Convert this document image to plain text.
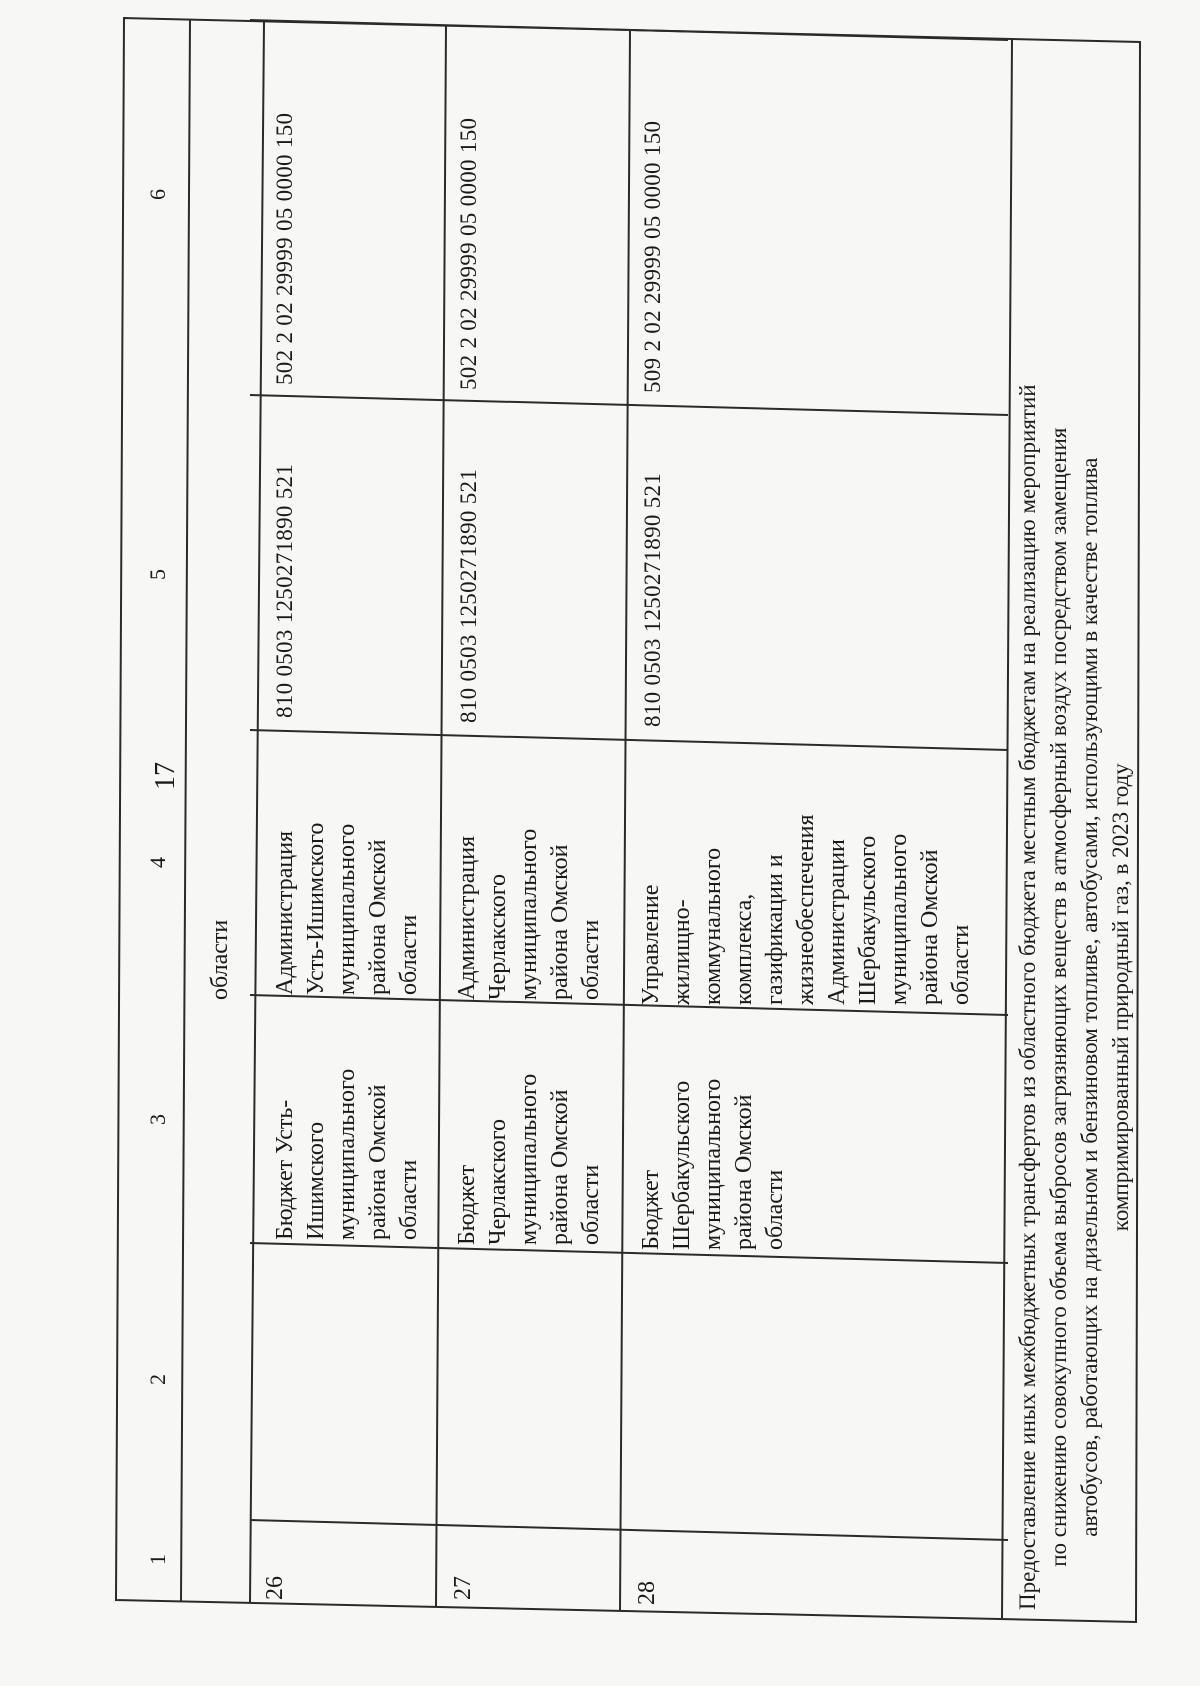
17
1
2
3
4
5
6
области
26
Бюджет Усть- Ишимского муниципального района Омской области
Администрация Усть-Ишимского муниципального района Омской области
810 0503 1250271890 521
502 2 02 29999 05 0000 150
27
Бюджет Черлакского муниципального района Омской области
Администрация Черлакского муниципального района Омской области
810 0503 1250271890 521
502 2 02 29999 05 0000 150
28
Бюджет Шербакульского муниципального района Омской области
Управление жилищно- коммунального комплекса, газификации и жизнеобеспечения Администрации Шербакульского муниципального района Омской области
810 0503 1250271890 521
509 2 02 29999 05 0000 150
Предоставление иных межбюджетных трансфертов из областного бюджета местным бюджетам на реализацию мероприятий по снижению совокупного объема выбросов загрязняющих веществ в атмосферный воздух посредством замещения автобусов, работающих на дизельном и бензиновом топливе, автобусами, использующими в качестве топлива компримированный природный газ, в 2023 году
